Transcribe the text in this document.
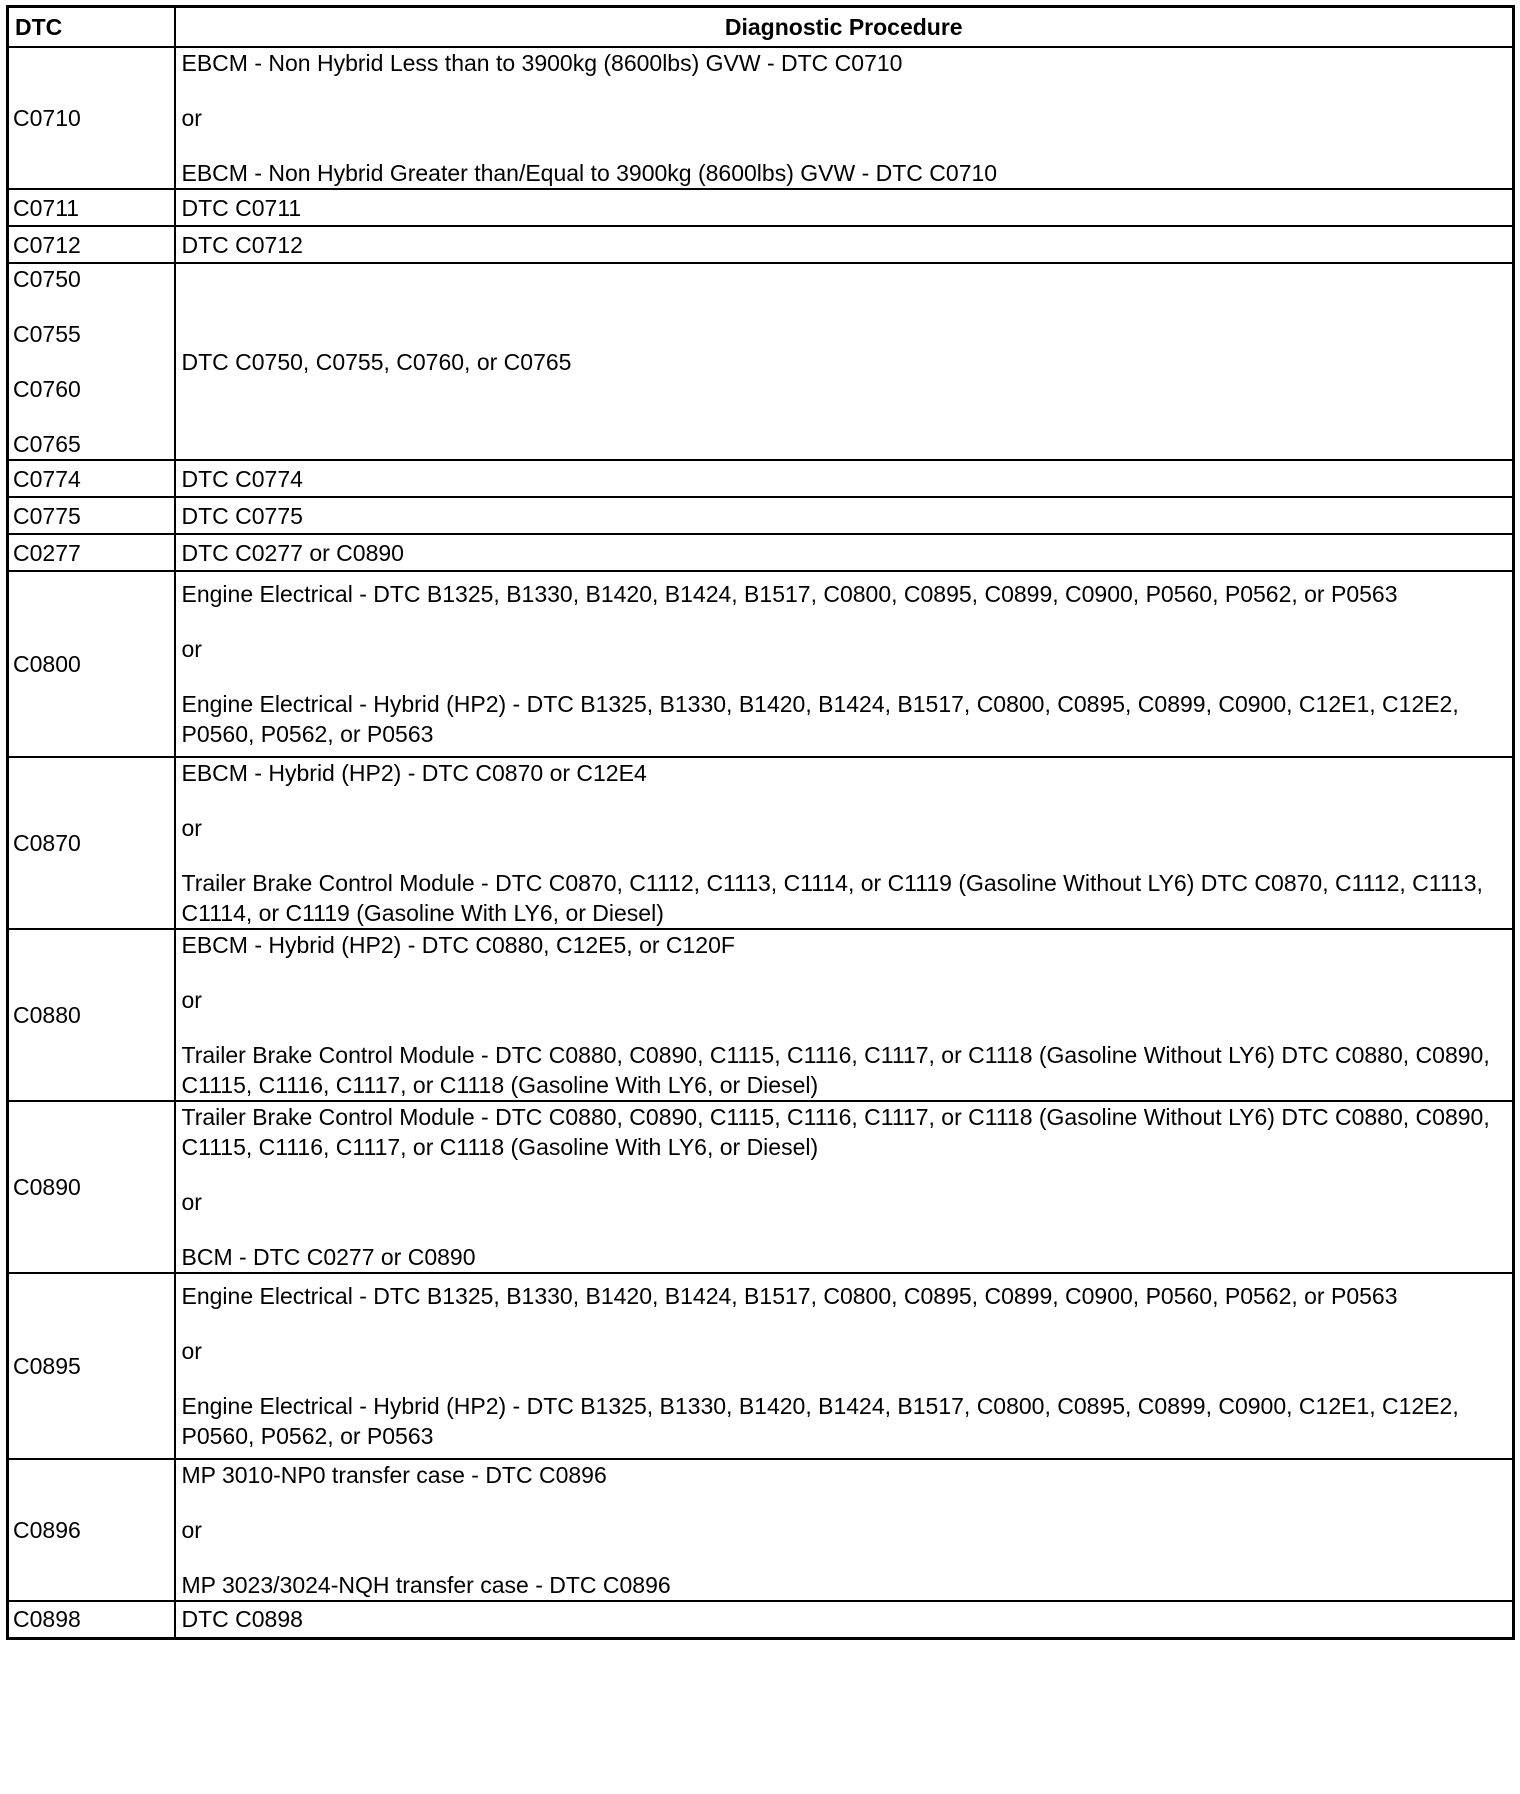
DTC	Diagnostic Procedure

C0710	EBCM - Non Hybrid Less than to 3900kg (8600lbs) GVW - DTC C0710
or
EBCM - Non Hybrid Greater than/Equal to 3900kg (8600lbs) GVW - DTC C0710

C0711	DTC C0711

C0712	DTC C0712

C0750
C0755
C0760
C0765	DTC C0750, C0755, C0760, or C0765

C0774	DTC C0774

C0775	DTC C0775

C0277	DTC C0277 or C0890

C0800	Engine Electrical - DTC B1325, B1330, B1420, B1424, B1517, C0800, C0895, C0899, C0900, P0560, P0562, or P0563
or
Engine Electrical - Hybrid (HP2) - DTC B1325, B1330, B1420, B1424, B1517, C0800, C0895, C0899, C0900, C12E1, C12E2, P0560, P0562, or P0563

C0870	EBCM - Hybrid (HP2) - DTC C0870 or C12E4
or
Trailer Brake Control Module - DTC C0870, C1112, C1113, C1114, or C1119 (Gasoline Without LY6) DTC C0870, C1112, C1113, C1114, or C1119 (Gasoline With LY6, or Diesel)

C0880	EBCM - Hybrid (HP2) - DTC C0880, C12E5, or C120F
or
Trailer Brake Control Module - DTC C0880, C0890, C1115, C1116, C1117, or C1118 (Gasoline Without LY6) DTC C0880, C0890, C1115, C1116, C1117, or C1118 (Gasoline With LY6, or Diesel)

C0890	Trailer Brake Control Module - DTC C0880, C0890, C1115, C1116, C1117, or C1118 (Gasoline Without LY6) DTC C0880, C0890, C1115, C1116, C1117, or C1118 (Gasoline With LY6, or Diesel)
or
BCM - DTC C0277 or C0890

C0895	Engine Electrical - DTC B1325, B1330, B1420, B1424, B1517, C0800, C0895, C0899, C0900, P0560, P0562, or P0563
or
Engine Electrical - Hybrid (HP2) - DTC B1325, B1330, B1420, B1424, B1517, C0800, C0895, C0899, C0900, C12E1, C12E2, P0560, P0562, or P0563

C0896	MP 3010-NP0 transfer case - DTC C0896
or
MP 3023/3024-NQH transfer case - DTC C0896

C0898	DTC C0898
